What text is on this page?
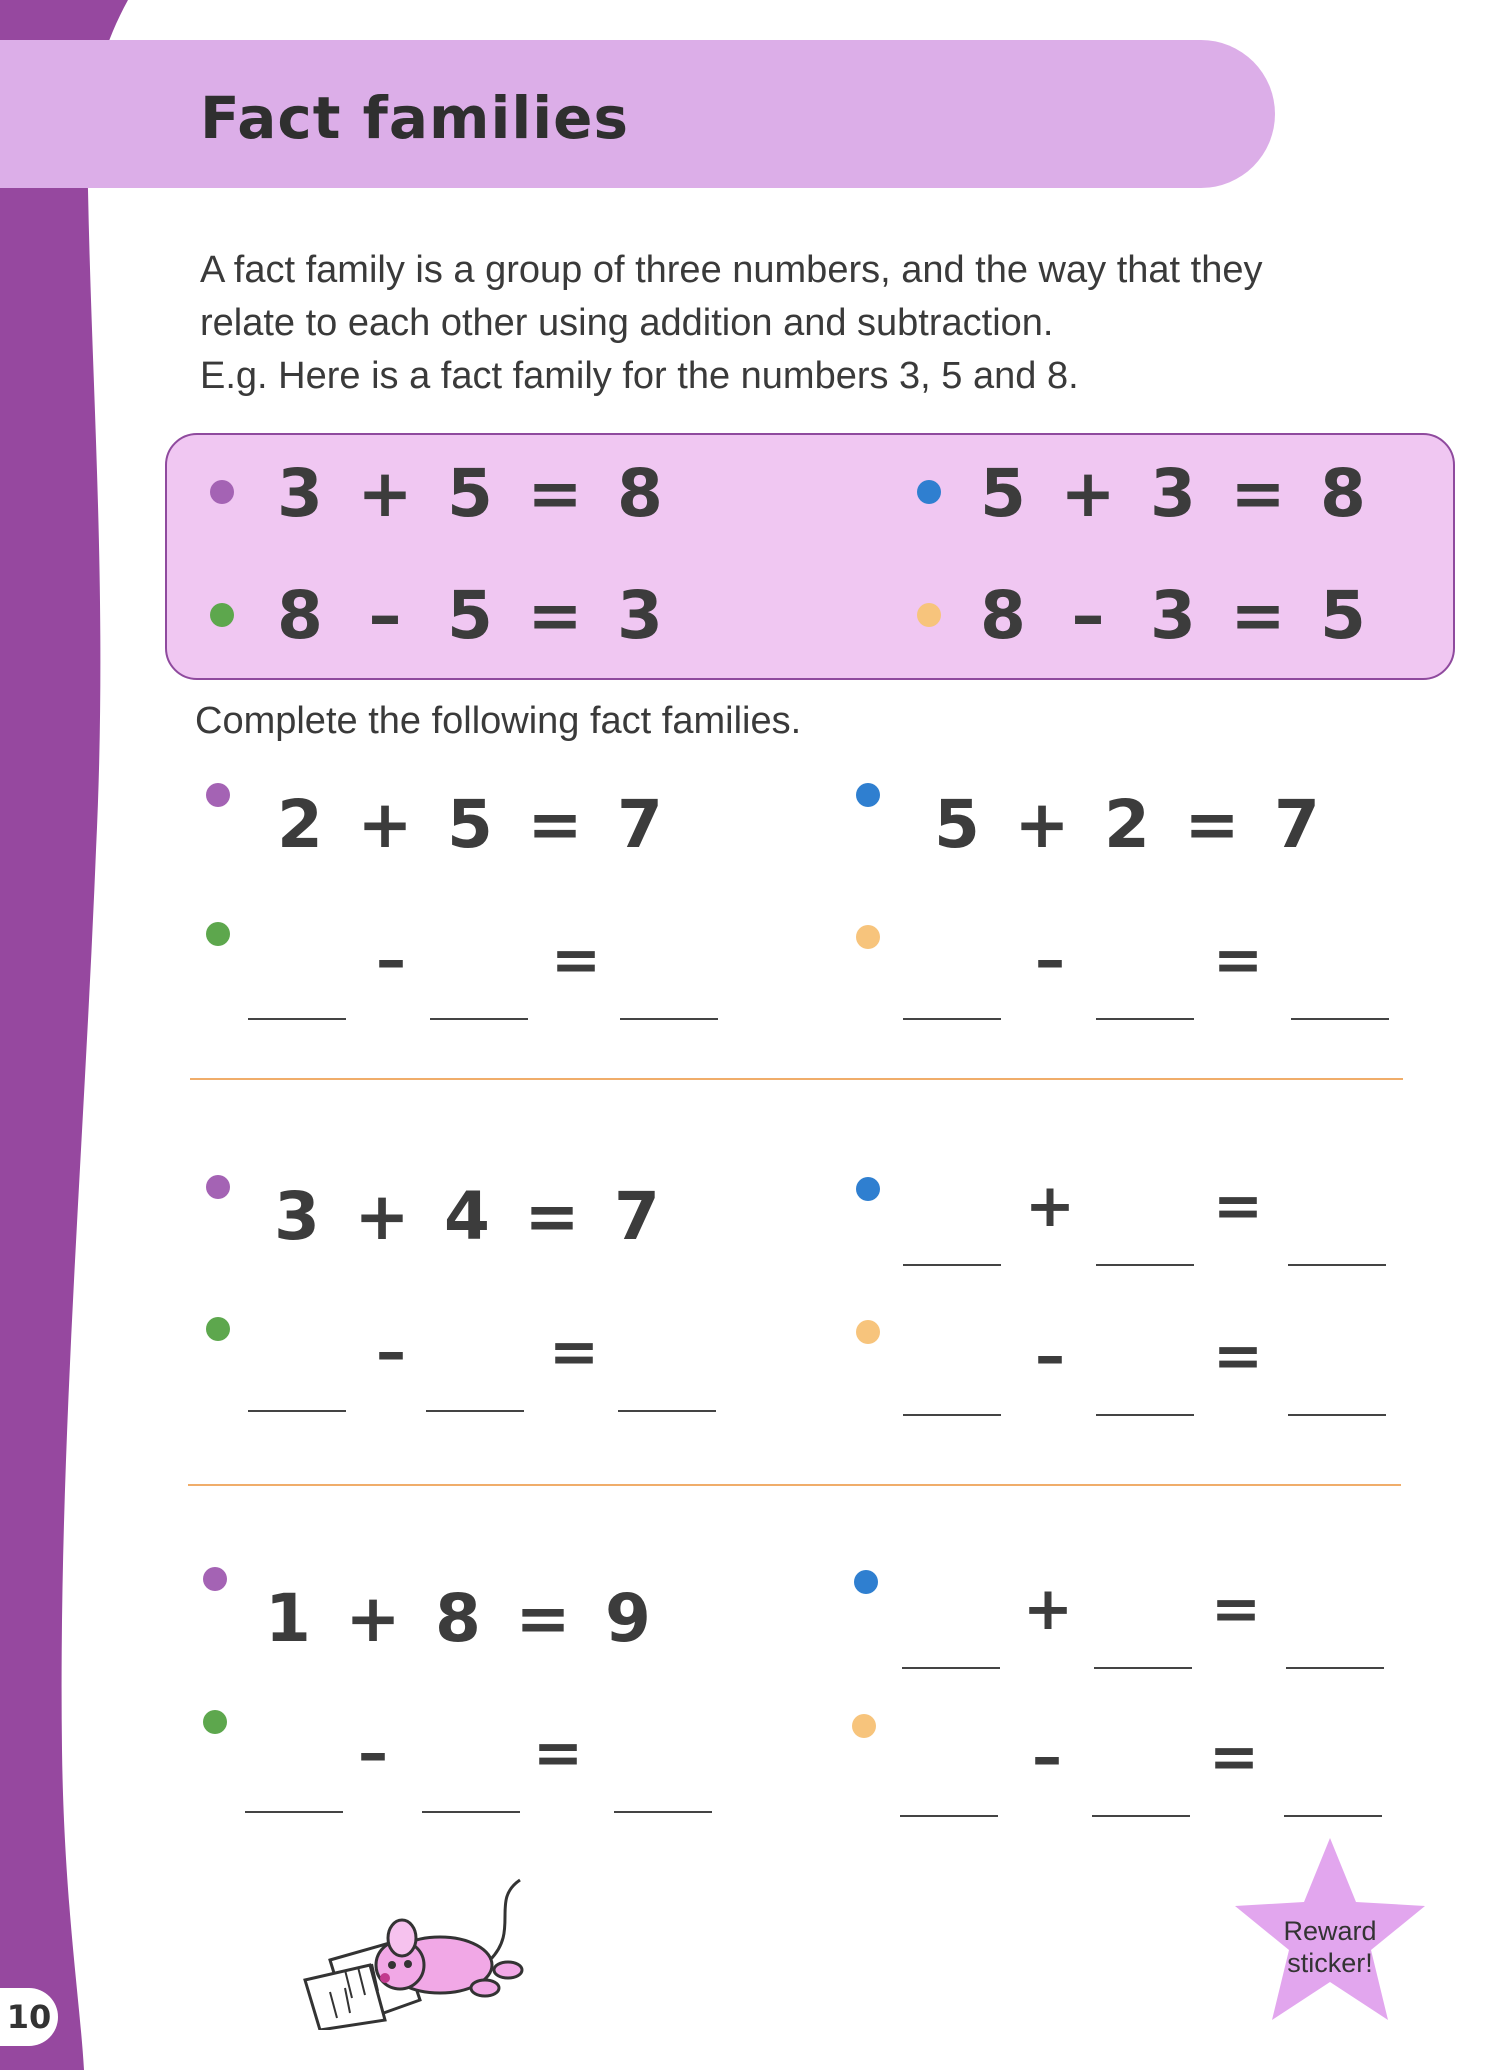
Fact families

A fact family is a group of three numbers, and the way that they

relate to each other using addition and subtraction.

E.g. Here is a fact family for the numbers 3, 5 and 8.

3 + 5 = 8	5 + 3 = 8
8 – 5 = 3	8 – 3 = 5
Complete the following fact families.
2 + 5 = 7	5 + 2 = 7
– =	– =
3 + 4 = 7	+ =
– =	– =
1 + 8 = 9	+ =
– =	– =
Reward
sticker!
10
